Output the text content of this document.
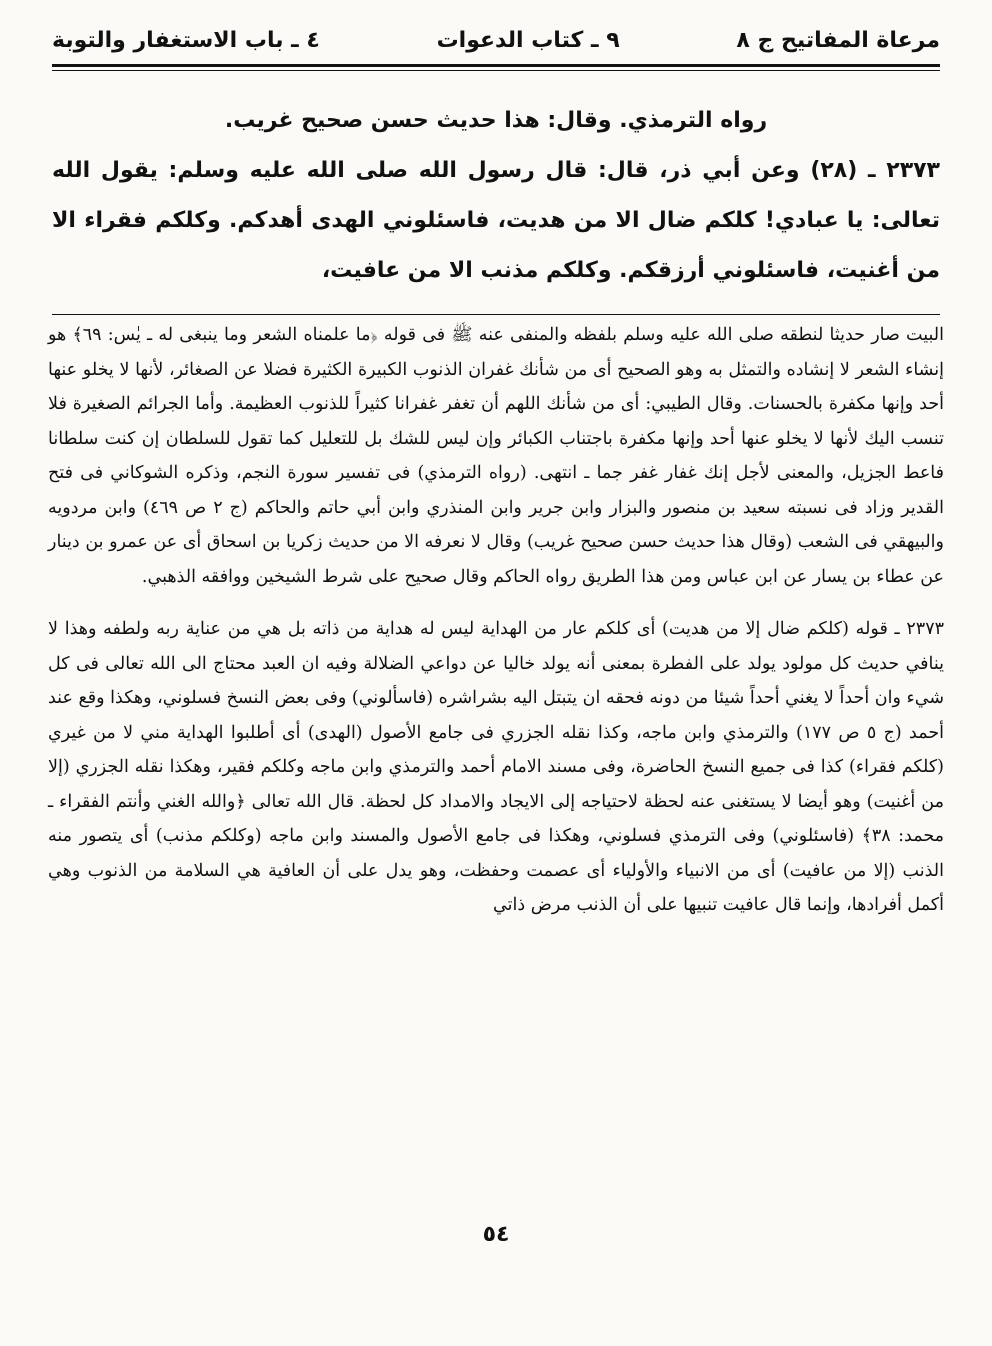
مرعاة المفاتيح ج ٨
٩ ـ كتاب الدعوات
٤ ـ باب الاستغفار والتوبة

رواه الترمذي. وقال: هذا حديث حسن صحيح غريب.

٢٣٧٣ ـ (٢٨) وعن أبي ذر، قال: قال رسول الله صلى الله عليه وسلم: يقول الله تعالى: يا عبادي! كلكم ضال الا من هديت، فاسئلوني الهدى أهدكم. وكلكم فقراء الا من أغنيت، فاسئلوني أرزقكم. وكلكم مذنب الا من عافيت،

البيت صار حديثا لنطقه صلى الله عليه وسلم بلفظه والمنفى عنه ﷺ فى قوله ﴿ما علمناه الشعر وما ينبغى له ـ يٰس: ٦٩﴾ هو إنشاء الشعر لا إنشاده والتمثل به وهو الصحيح أى من شأنك غفران الذنوب الكبيرة الكثيرة فضلا عن الصغائر، لأنها لا يخلو عنها أحد وإنها مكفرة بالحسنات. وقال الطيبي: أى من شأنك اللهم أن تغفر غفرانا كثيراً للذنوب العظيمة. وأما الجرائم الصغيرة فلا تنسب اليك لأنها لا يخلو عنها أحد وإنها مكفرة باجتناب الكبائر وإن ليس للشك بل للتعليل كما تقول للسلطان إن كنت سلطانا فاعط الجزيل، والمعنى لأجل إنك غفار غفر جما ـ انتهى. (رواه الترمذي) فى تفسير سورة النجم، وذكره الشوكاني فى فتح القدير وزاد فى نسبته سعيد بن منصور والبزار وابن جرير وابن المنذري وابن أبي حاتم والحاكم (ج ٢ ص ٤٦٩) وابن مردويه والبيهقي فى الشعب (وقال هذا حديث حسن صحيح غريب) وقال لا نعرفه الا من حديث زكريا بن اسحاق أى عن عمرو بن دينار عن عطاء بن يسار عن ابن عباس ومن هذا الطريق رواه الحاكم وقال صحيح على شرط الشيخين ووافقه الذهبي.

٢٣٧٣ ـ قوله (كلكم ضال إلا من هديت) أى كلكم عار من الهداية ليس له هداية من ذاته بل هي من عناية ربه ولطفه وهذا لا ينافي حديث كل مولود يولد على الفطرة بمعنى أنه يولد خاليا عن دواعي الضلالة وفيه ان العبد محتاج الى الله تعالى فى كل شيء وان أحداً لا يغني أحداً شيئا من دونه فحقه ان يتبتل اليه بشراشره (فاسألوني) وفى بعض النسخ فسلوني، وهكذا وقع عند أحمد (ج ٥ ص ١٧٧) والترمذي وابن ماجه، وكذا نقله الجزري فى جامع الأصول (الهدى) أى أطلبوا الهداية مني لا من غيري (كلكم فقراء) كذا فى جميع النسخ الحاضرة، وفى مسند الامام أحمد والترمذي وابن ماجه وكلكم فقير، وهكذا نقله الجزري (إلا من أغنيت) وهو أيضا لا يستغنى عنه لحظة لاحتياجه إلى الايجاد والامداد كل لحظة. قال الله تعالى ﴿والله الغني وأنتم الفقراء ـ محمد: ٣٨﴾ (فاسئلوني) وفى الترمذي فسلوني، وهكذا فى جامع الأصول والمسند وابن ماجه (وكلكم مذنب) أى يتصور منه الذنب (إلا من عافيت) أى من الانبياء والأولياء أى عصمت وحفظت، وهو يدل على أن العافية هي السلامة من الذنوب وهي أكمل أفرادها، وإنما قال عافيت تنبيها على أن الذنب مرض ذاتي

٥٤
